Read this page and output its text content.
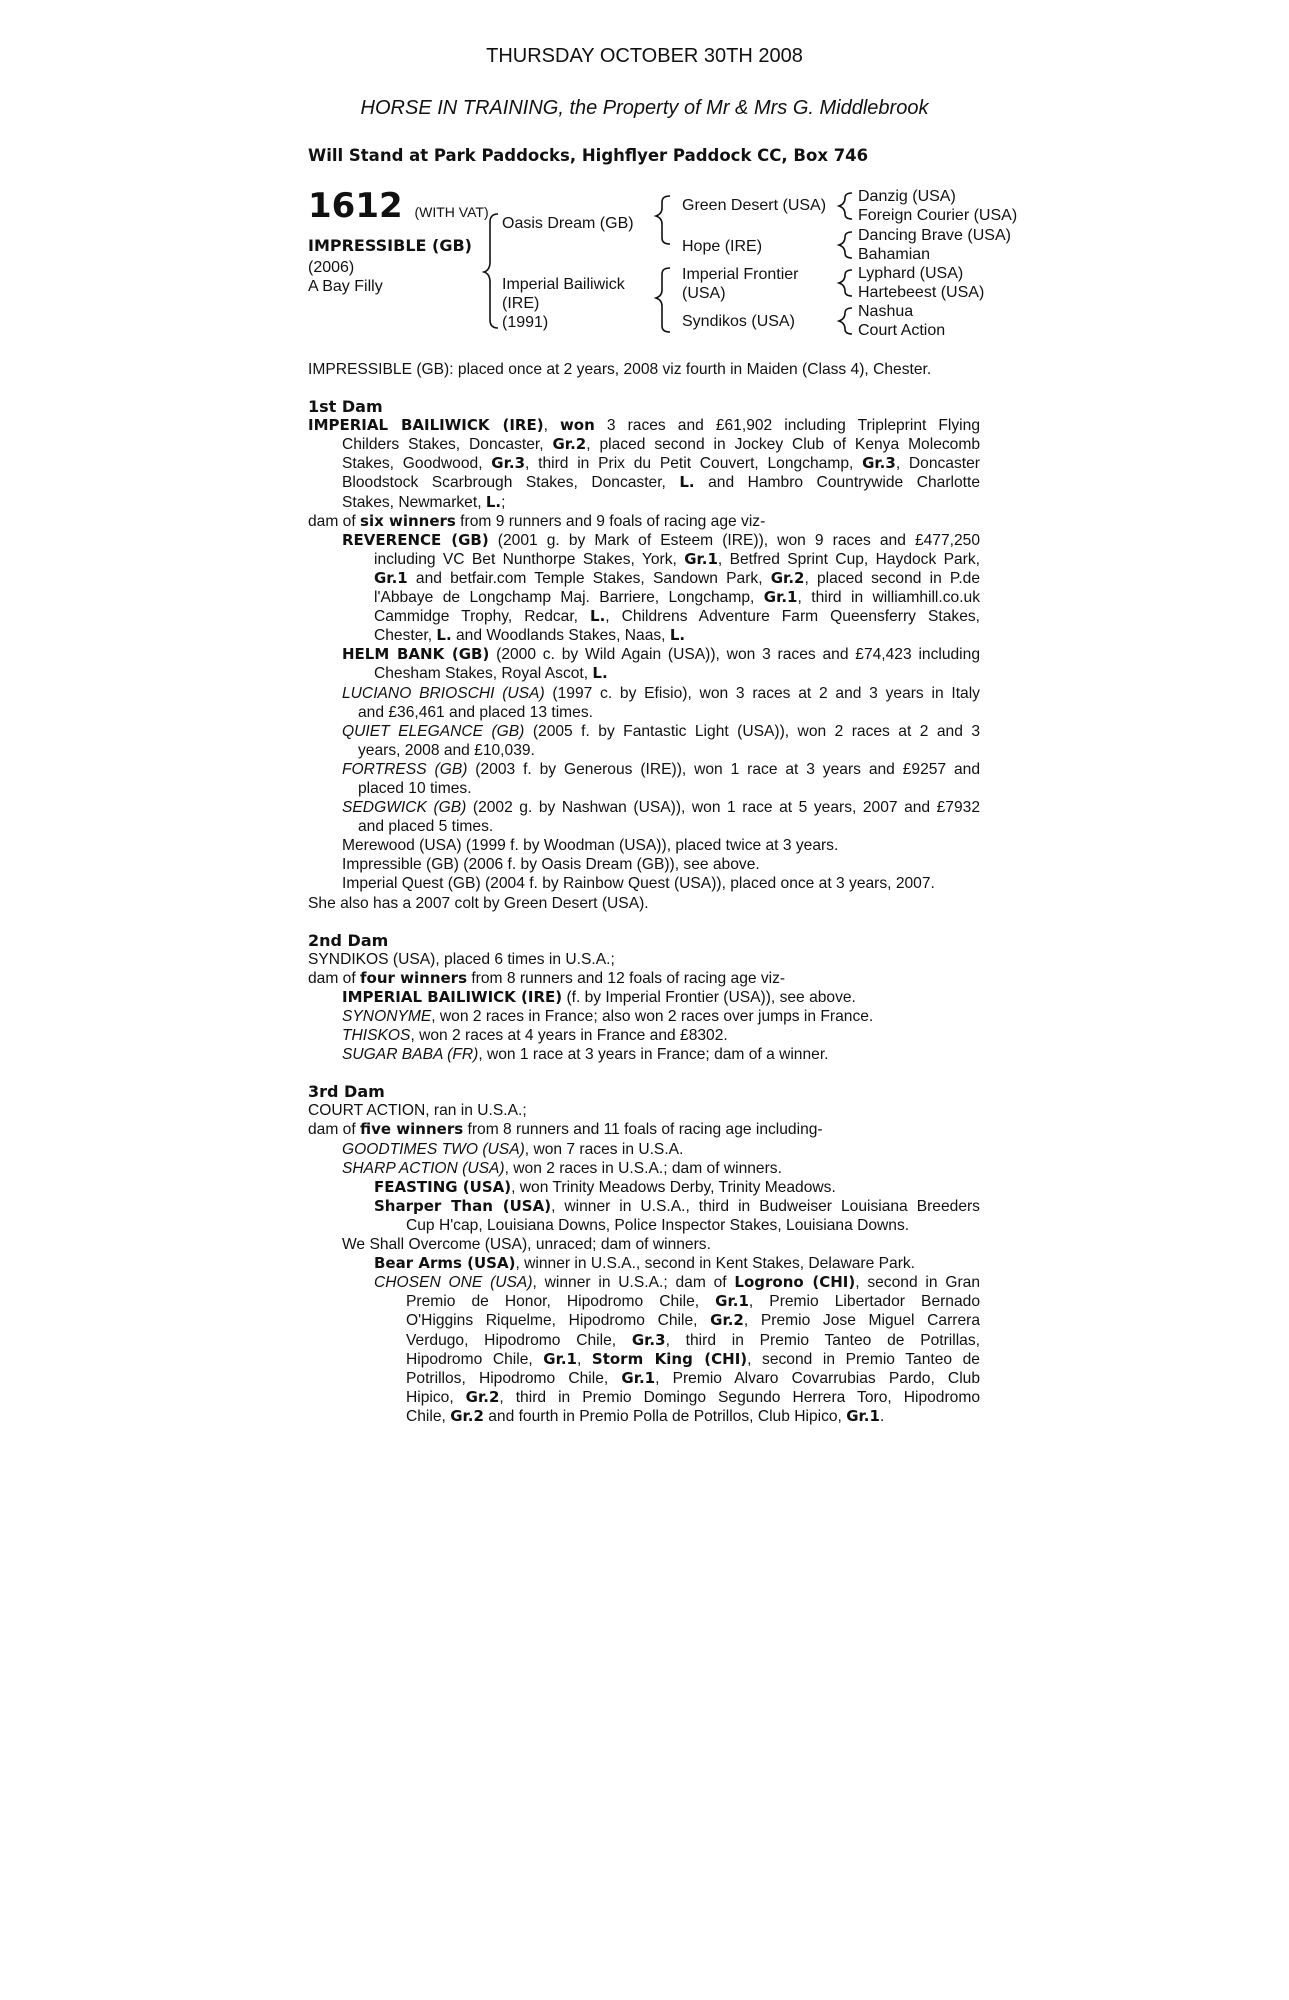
THURSDAY OCTOBER 30TH 2008
HORSE IN TRAINING, the Property of Mr & Mrs G. Middlebrook
Will Stand at Park Paddocks, Highflyer Paddock CC, Box 746
1612 (WITH VAT)
IMPRESSIBLE (GB)
(2006)
A Bay Filly
Oasis Dream (GB)
Imperial Bailiwick
(IRE)
(1991)
Green Desert (USA)
Hope (IRE)
Imperial Frontier
(USA)
Syndikos (USA)
Danzig (USA)
Foreign Courier (USA)
Dancing Brave (USA)
Bahamian
Lyphard (USA)
Hartebeest (USA)
Nashua
Court Action
IMPRESSIBLE (GB): placed once at 2 years, 2008 viz fourth in Maiden (Class 4), Chester.
1st Dam
IMPERIAL BAILIWICK (IRE), won 3 races and £61,902 including Tripleprint Flying
Childers Stakes, Doncaster, Gr.2, placed second in Jockey Club of Kenya Molecomb
Stakes, Goodwood, Gr.3, third in Prix du Petit Couvert, Longchamp, Gr.3, Doncaster
Bloodstock Scarbrough Stakes, Doncaster, L. and Hambro Countrywide Charlotte
Stakes, Newmarket, L.;
dam of six winners from 9 runners and 9 foals of racing age viz-
REVERENCE (GB) (2001 g. by Mark of Esteem (IRE)), won 9 races and £477,250
including VC Bet Nunthorpe Stakes, York, Gr.1, Betfred Sprint Cup, Haydock Park,
Gr.1 and betfair.com Temple Stakes, Sandown Park, Gr.2, placed second in P.de
l'Abbaye de Longchamp Maj. Barriere, Longchamp, Gr.1, third in williamhill.co.uk
Cammidge Trophy, Redcar, L., Childrens Adventure Farm Queensferry Stakes,
Chester, L. and Woodlands Stakes, Naas, L.
HELM BANK (GB) (2000 c. by Wild Again (USA)), won 3 races and £74,423 including
Chesham Stakes, Royal Ascot, L.
LUCIANO BRIOSCHI (USA) (1997 c. by Efisio), won 3 races at 2 and 3 years in Italy
and £36,461 and placed 13 times.
QUIET ELEGANCE (GB) (2005 f. by Fantastic Light (USA)), won 2 races at 2 and 3
years, 2008 and £10,039.
FORTRESS (GB) (2003 f. by Generous (IRE)), won 1 race at 3 years and £9257 and
placed 10 times.
SEDGWICK (GB) (2002 g. by Nashwan (USA)), won 1 race at 5 years, 2007 and £7932
and placed 5 times.
Merewood (USA) (1999 f. by Woodman (USA)), placed twice at 3 years.
Impressible (GB) (2006 f. by Oasis Dream (GB)), see above.
Imperial Quest (GB) (2004 f. by Rainbow Quest (USA)), placed once at 3 years, 2007.
She also has a 2007 colt by Green Desert (USA).
2nd Dam
SYNDIKOS (USA), placed 6 times in U.S.A.;
dam of four winners from 8 runners and 12 foals of racing age viz-
IMPERIAL BAILIWICK (IRE) (f. by Imperial Frontier (USA)), see above.
SYNONYME, won 2 races in France; also won 2 races over jumps in France.
THISKOS, won 2 races at 4 years in France and £8302.
SUGAR BABA (FR), won 1 race at 3 years in France; dam of a winner.
3rd Dam
COURT ACTION, ran in U.S.A.;
dam of five winners from 8 runners and 11 foals of racing age including-
GOODTIMES TWO (USA), won 7 races in U.S.A.
SHARP ACTION (USA), won 2 races in U.S.A.; dam of winners.
FEASTING (USA), won Trinity Meadows Derby, Trinity Meadows.
Sharper Than (USA), winner in U.S.A., third in Budweiser Louisiana Breeders
Cup H'cap, Louisiana Downs, Police Inspector Stakes, Louisiana Downs.
We Shall Overcome (USA), unraced; dam of winners.
Bear Arms (USA), winner in U.S.A., second in Kent Stakes, Delaware Park.
CHOSEN ONE (USA), winner in U.S.A.; dam of Logrono (CHI), second in Gran
Premio de Honor, Hipodromo Chile, Gr.1, Premio Libertador Bernado
O'Higgins Riquelme, Hipodromo Chile, Gr.2, Premio Jose Miguel Carrera
Verdugo, Hipodromo Chile, Gr.3, third in Premio Tanteo de Potrillas,
Hipodromo Chile, Gr.1, Storm King (CHI), second in Premio Tanteo de
Potrillos, Hipodromo Chile, Gr.1, Premio Alvaro Covarrubias Pardo, Club
Hipico, Gr.2, third in Premio Domingo Segundo Herrera Toro, Hipodromo
Chile, Gr.2 and fourth in Premio Polla de Potrillos, Club Hipico, Gr.1.
